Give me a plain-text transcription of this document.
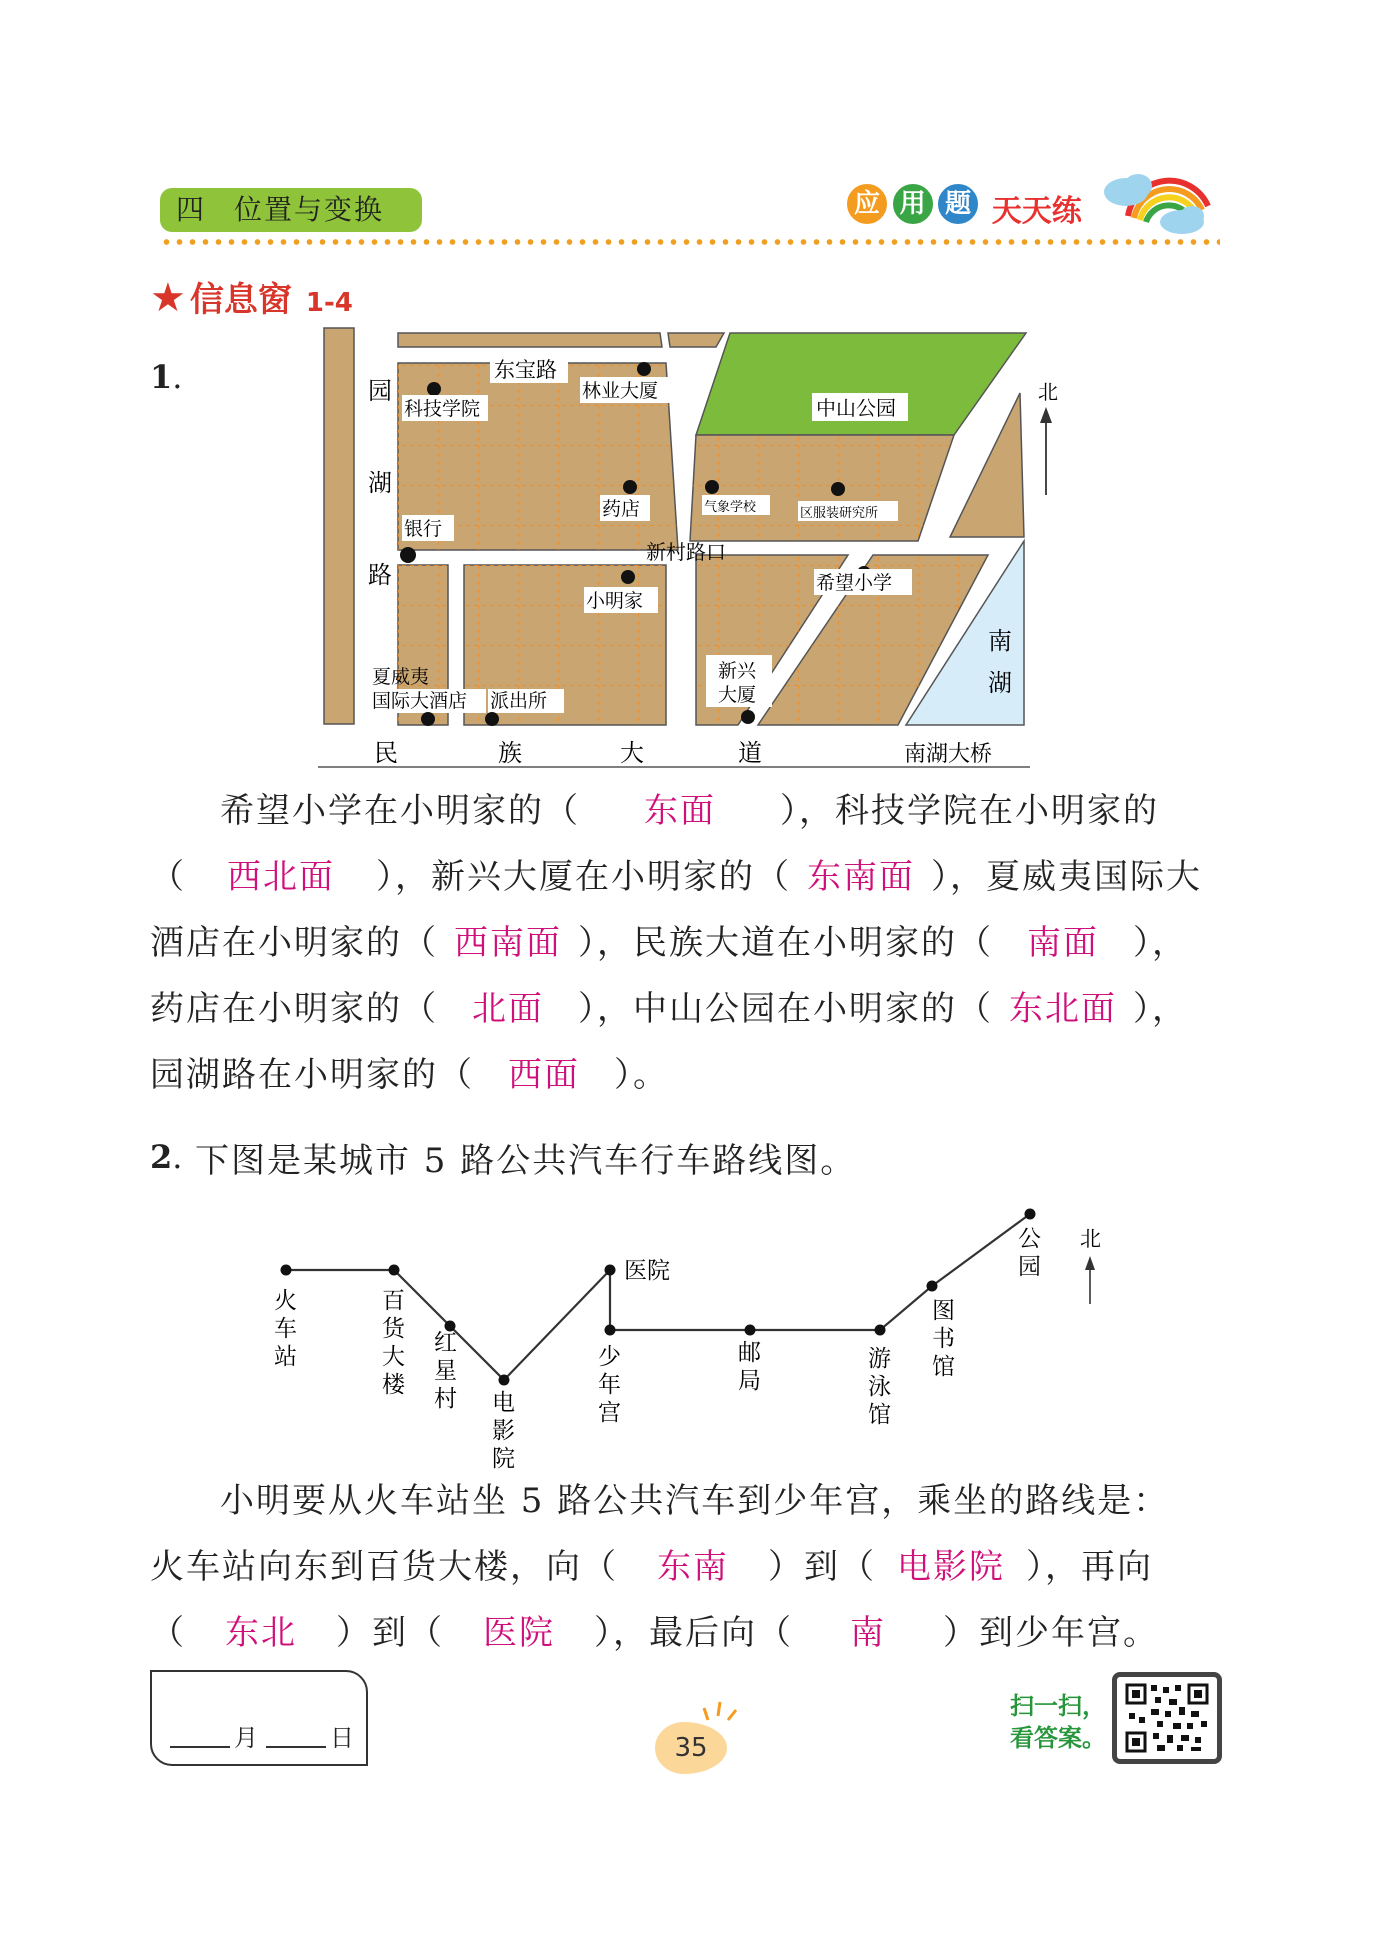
四 位置与变换	应 用 题 天天练
★ 信息窗 1-4
1.	北
东宝路
园
湖
路
民	族	大	道	南湖大桥
新村路口
科技学院
林业大厦
中山公园
药店	气象学校	区服装研究所
银行
希望小学
小明家
新兴
大厦
夏威夷
国际大酒店 派出所
南
湖
希望小学在小明家的（ 东面 ），科技学院在小明家的
（ 西北面 ），新兴大厦在小明家的（ 东南面 ），夏威夷国际大
酒店在小明家的（ 西南面 ），民族大道在小明家的（ 南面 ），
药店在小明家的（ 北面 ），中山公园在小明家的（ 东北面 ），
园湖路在小明家的（ 西面 ）。
2. 下图是某城市 5 路公共汽车行车路线图。
火
车
站
百
货
大
楼
红
星
村 电
影
院
医院
少
年
宫
邮
局
游
泳
馆
图
书
馆
公
园
北
小明要从火车站坐 5 路公共汽车到少年宫，乘坐的路线是：
火车站向东到百货大楼，向（ 东南 ）到（ 电影院 ），再向
（ 东北 ）到（ 医院 ），最后向（ 南 ）到少年宫。
月	日	35
扫一扫，
看答案。
